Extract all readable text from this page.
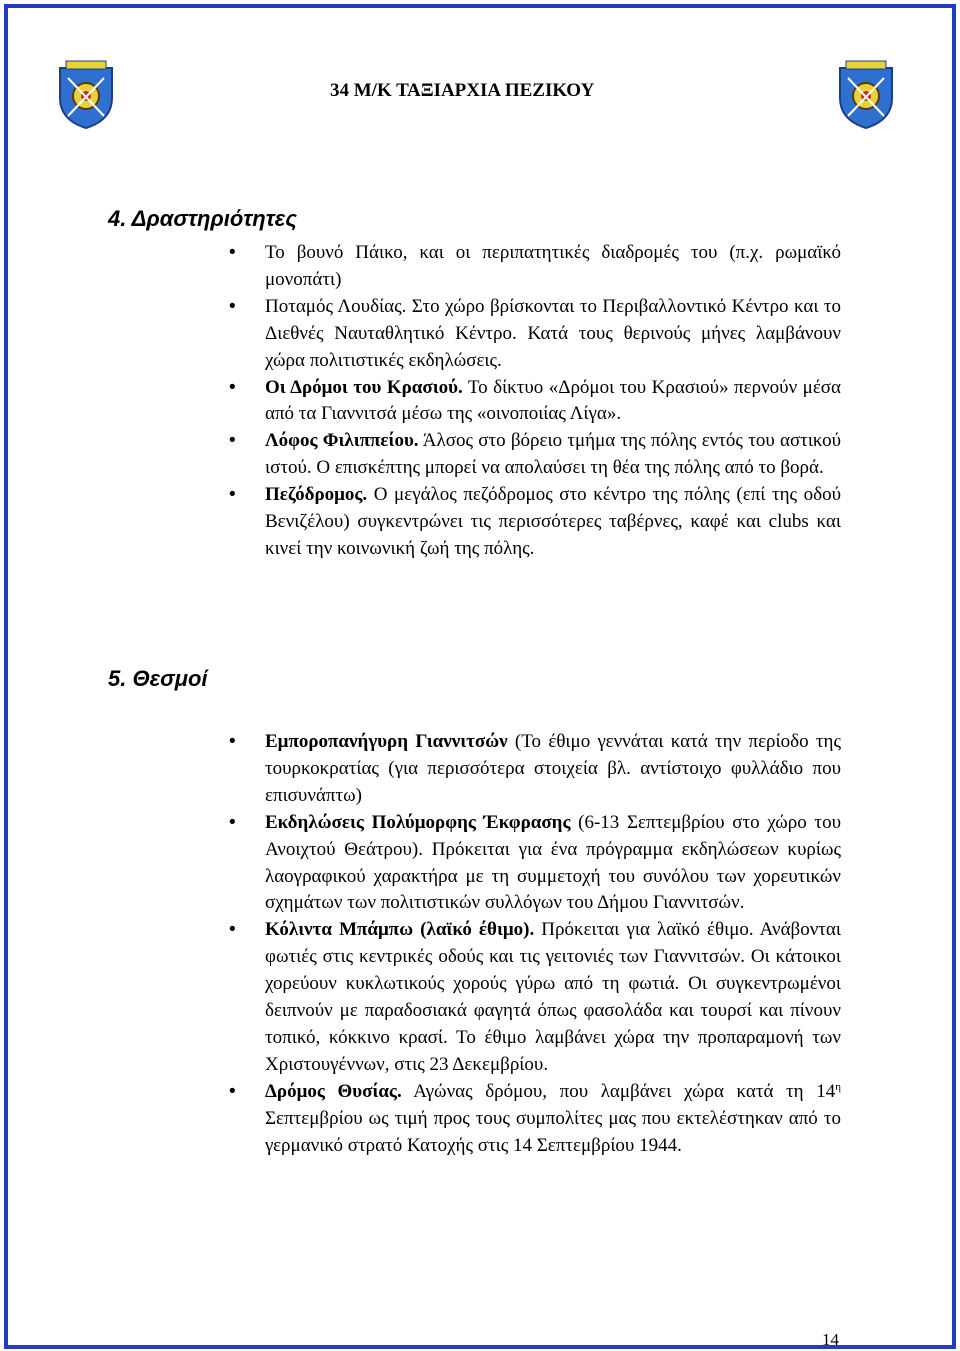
34 Μ/Κ ΤΑΞΙΑΡΧΙΑ ΠΕΖΙΚΟΥ
4. Δραστηριότητες
• Το βουνό Πάικο, και οι περιπατητικές διαδρομές του (π.χ. ρωμαϊκό μονοπάτι)
• Ποταμός Λουδίας. Στο χώρο βρίσκονται το Περιβαλλοντικό Κέντρο και το Διεθνές Ναυταθλητικό Κέντρο. Κατά τους θερινούς μήνες λαμβάνουν χώρα πολιτιστικές εκδηλώσεις.
• Οι Δρόμοι του Κρασιού. Το δίκτυο «Δρόμοι του Κρασιού» περνούν μέσα από τα Γιαννιτσά μέσω της «οινοποιίας Λίγα».
• Λόφος Φιλιππείου. Άλσος στο βόρειο τμήμα της πόλης εντός του αστικού ιστού. Ο επισκέπτης μπορεί να απολαύσει τη θέα της πόλης από το βορά.
• Πεζόδρομος. Ο μεγάλος πεζόδρομος στο κέντρο της πόλης (επί της οδού Βενιζέλου) συγκεντρώνει τις περισσότερες ταβέρνες, καφέ και clubs και κινεί την κοινωνική ζωή της πόλης.
5. Θεσμοί
• Εμποροπανήγυρη Γιαννιτσών (Το έθιμο γεννάται κατά την περίοδο της τουρκοκρατίας (για περισσότερα στοιχεία βλ. αντίστοιχο φυλλάδιο που επισυνάπτω)
• Εκδηλώσεις Πολύμορφης Έκφρασης (6-13 Σεπτεμβρίου στο χώρο του Ανοιχτού Θεάτρου). Πρόκειται για ένα πρόγραμμα εκδηλώσεων κυρίως λαογραφικού χαρακτήρα με τη συμμετοχή του συνόλου των χορευτικών σχημάτων των πολιτιστικών συλλόγων του Δήμου Γιαννιτσών.
• Κόλιντα Μπάμπω (λαϊκό έθιμο). Πρόκειται για λαϊκό έθιμο. Ανάβονται φωτιές στις κεντρικές οδούς και τις γειτονιές των Γιαννιτσών. Οι κάτοικοι χορεύουν κυκλωτικούς χορούς γύρω από τη φωτιά. Οι συγκεντρωμένοι δειπνούν με παραδοσιακά φαγητά όπως φασολάδα και τουρσί και πίνουν τοπικό, κόκκινο κρασί. Το έθιμο λαμβάνει χώρα την προπαραμονή των Χριστουγέννων, στις 23 Δεκεμβρίου.
• Δρόμος Θυσίας. Αγώνας δρόμου, που λαμβάνει χώρα κατά τη $14^\eta$ Σεπτεμβρίου ως τιμή προς τους συμπολίτες μας που εκτελέστηκαν από το γερμανικό στρατό Κατοχής στις 14 Σεπτεμβρίου 1944.
14
